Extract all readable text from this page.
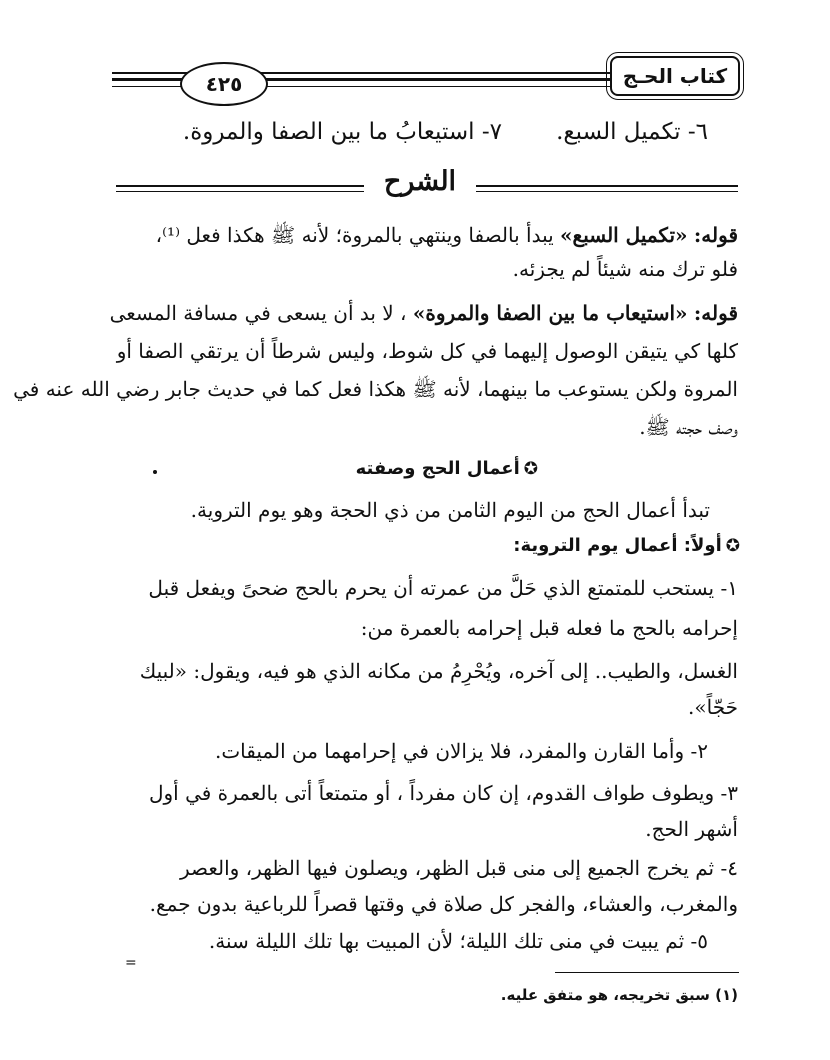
كتاب الحـج
٤٢٥
٦- تكميل السبع.
٧- استيعابُ ما بين الصفا والمروة.
الشرح
قوله: «تكميل السبع» يبدأ بالصفا وينتهي بالمروة؛ لأنه ﷺ هكذا فعل ⁽¹⁾،
فلو ترك منه شيئاً لم يجزئه.
قوله: «استيعاب ما بين الصفا والمروة» ، لا بد أن يسعى في مسافة المسعى
كلها كي يتيقن الوصول إليهما في كل شوط، وليس شرطاً أن يرتقي الصفا أو
المروة ولكن يستوعب ما بينهما، لأنه ﷺ هكذا فعل كما في حديث جابر رضي الله عنه في
وصف حجته ﷺ.
✪أعمال الحج وصفته
تبدأ أعمال الحج من اليوم الثامن من ذي الحجة وهو يوم التروية.
✪أولاً: أعمال يوم التروية:
١- يستحب للمتمتع الذي حَلَّ من عمرته أن يحرم بالحج ضحىً ويفعل قبل
إحرامه بالحج ما فعله قبل إحرامه بالعمرة من:
الغسل، والطيب.. إلى آخره، ويُحْرِمُ من مكانه الذي هو فيه، ويقول: «لبيك
حَجّاً».
٢- وأما القارن والمفرد، فلا يزالان في إحرامهما من الميقات.
٣- ويطوف طواف القدوم، إن كان مفرداً ، أو متمتعاً أتى بالعمرة في أول
أشهر الحج.
٤- ثم يخرج الجميع إلى منى قبل الظهر، ويصلون فيها الظهر، والعصر
والمغرب، والعشاء، والفجر كل صلاة في وقتها قصراً للرباعية بدون جمع.
٥- ثم يبيت في منى تلك الليلة؛ لأن المبيت بها تلك الليلة سنة.
=
(١) سبق تخريجه، هو متفق عليه.
